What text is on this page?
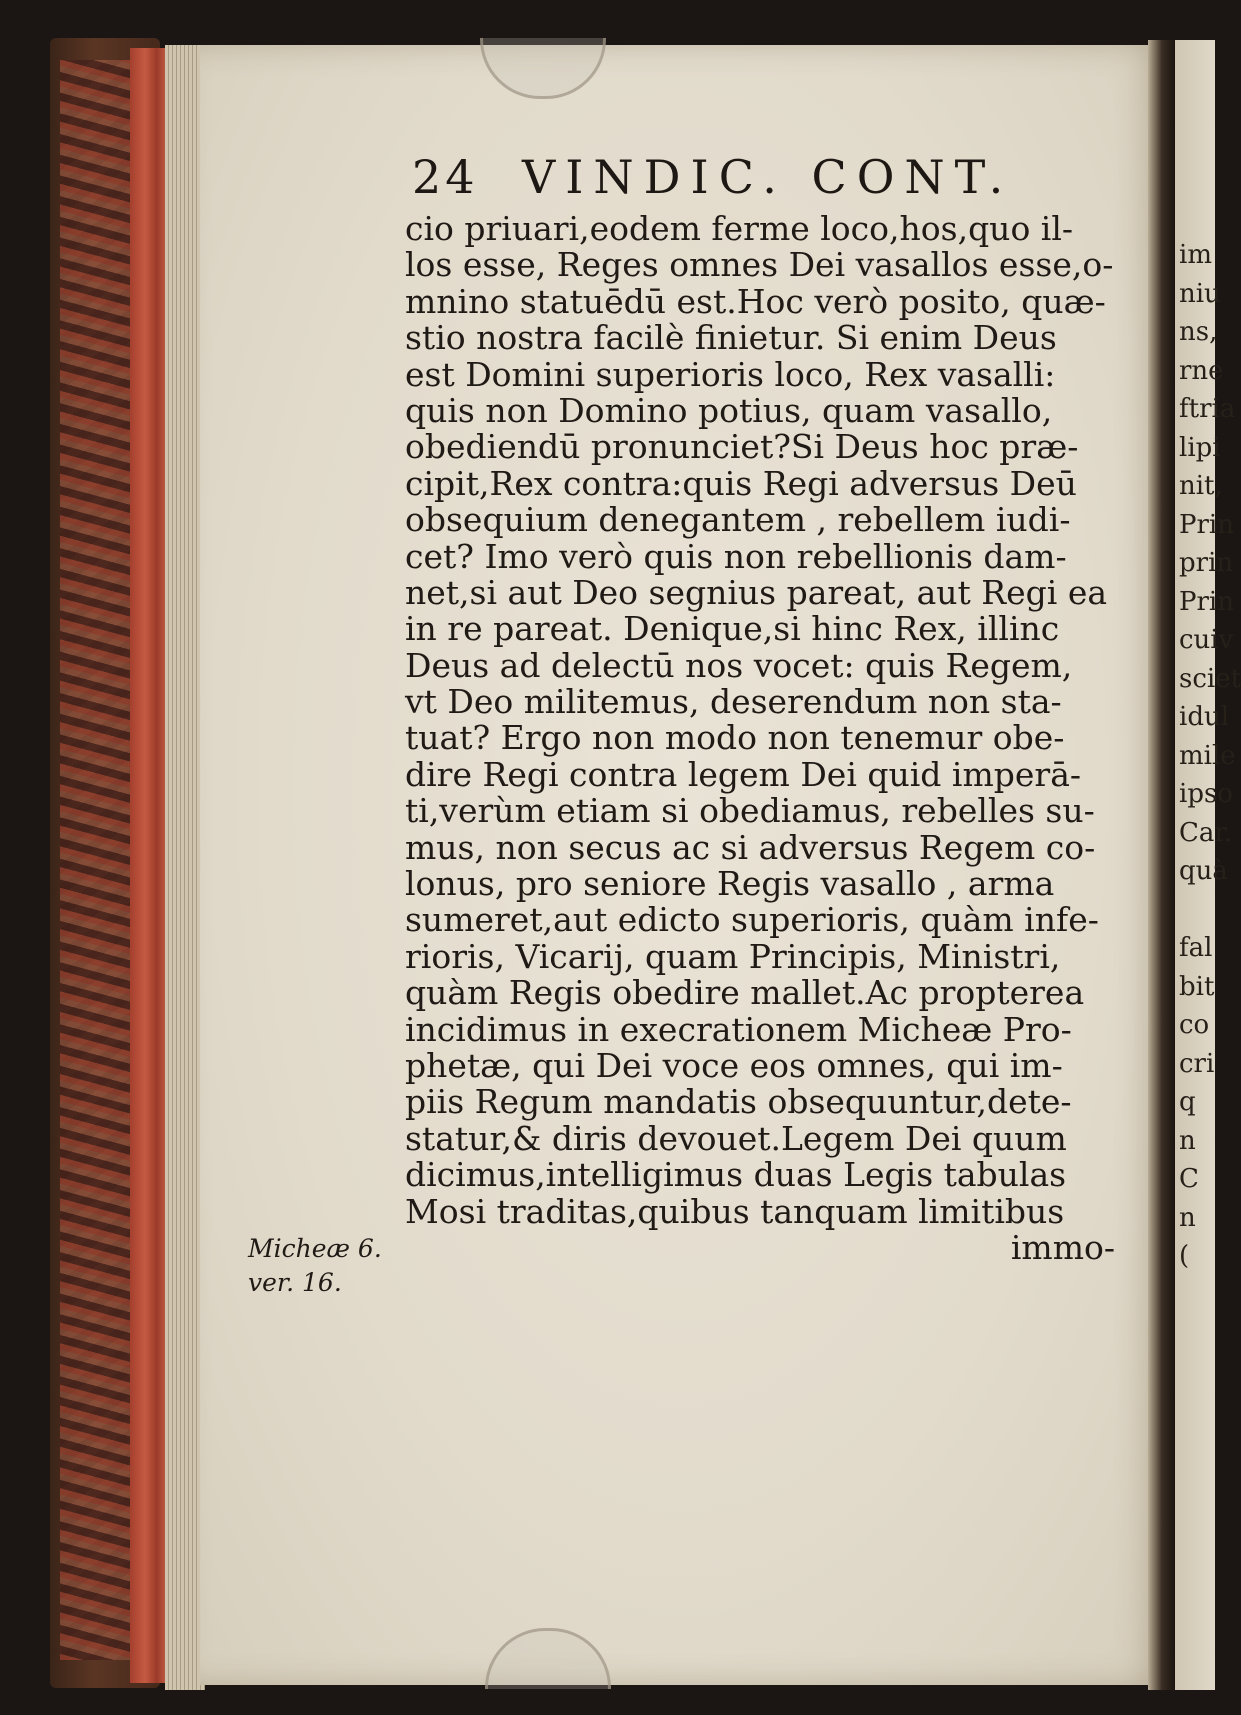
im
niu
ns,
rne
ftria
lipi
nit,
Prin
prin
Prin
cuiv
sciet
idul
mile
ipso
Car.
quà
fal
bit
co
cri
q
n
C
n
(
24 VINDIC. CONT.
cio priuari,eodem ferme loco,hos,quo il-
los esse, Reges omnes Dei vasallos esse,o-
mnino statuēdū est.Hoc verò posito, quæ-
stio nostra facilè finietur. Si enim Deus
est Domini superioris loco, Rex vasalli:
quis non Domino potius, quam vasallo,
obediendū pronunciet?Si Deus hoc præ-
cipit,Rex contra:quis Regi adversus Deū
obsequium denegantem , rebellem iudi-
cet? Imo verò quis non rebellionis dam-
net,si aut Deo segnius pareat, aut Regi ea
in re pareat. Denique,si hinc Rex, illinc
Deus ad delectū nos vocet: quis Regem,
vt Deo militemus, deserendum non sta-
tuat? Ergo non modo non tenemur obe-
dire Regi contra legem Dei quid imperā-
ti,verùm etiam si obediamus, rebelles su-
mus, non secus ac si adversus Regem co-
lonus, pro seniore Regis vasallo , arma
sumeret,aut edicto superioris, quàm infe-
rioris, Vicarij, quam Principis, Ministri,
quàm Regis obedire mallet.Ac propterea
incidimus in execrationem Micheæ Pro-
phetæ, qui Dei voce eos omnes, qui im-
piis Regum mandatis obsequuntur,dete-
statur,& diris devouet.Legem Dei quum
dicimus,intelligimus duas Legis tabulas
Mosi traditas,quibus tanquam limitibus
immo-
Micheæ 6.
ver. 16.
